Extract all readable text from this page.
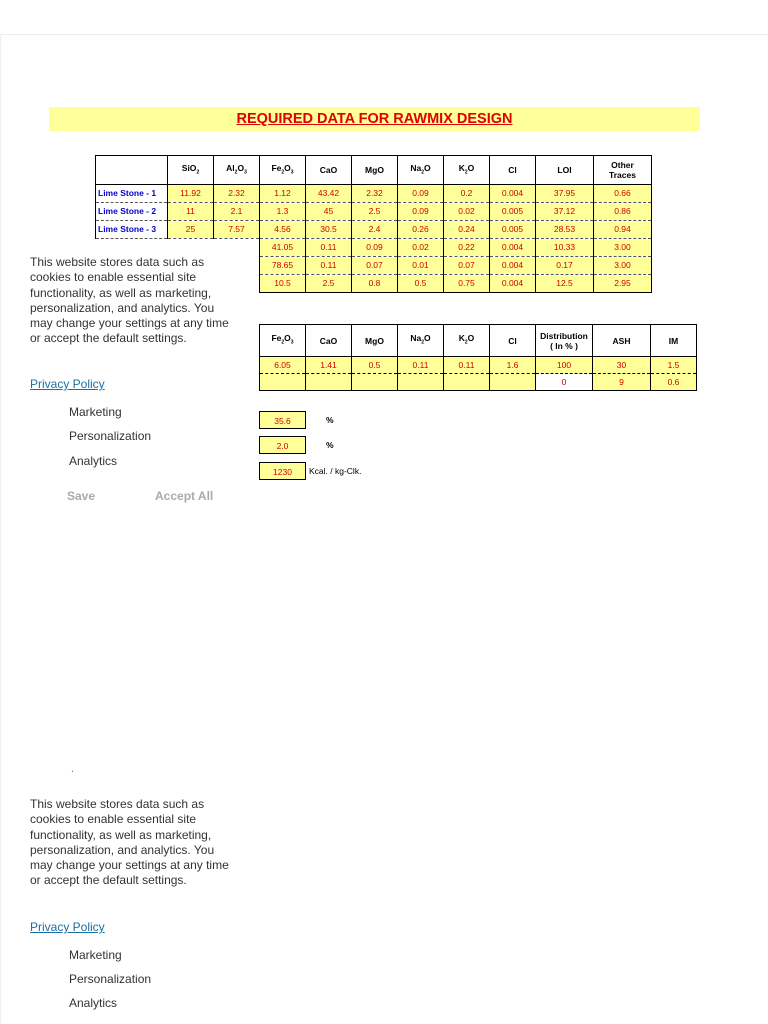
REQUIRED DATA FOR RAWMIX DESIGN
	SiO$_2$	$Al_2O_3$	$Fe_2O_3$	CaO	MgO	$Na_2O$	$K_2O$	Cl	LOI	Other
Traces
Lime Stone - 1	11.92	2.32	1.12	43.42	2.32	0.09	0.2	0.004	37.95	0.66
Lime Stone - 2	11	2.1	1.3	45	2.5	0.09	0.02	0.005	37.12	0.86
Lime Stone - 3	25	7.57	4.56	30.5	2.4	0.26	0.24	0.005	28.53	0.94
			41.05	0.11	0.09	0.02	0.22	0.004	10.33	3.00
			78.65	0.11	0.07	0.01	0.07	0.004	0.17	3.00
			10.5	2.5	0.8	0.5	0.75	0.004	12.5	2.95
This website stores data such as cookies to enable essential site functionality, as well as marketing, personalization, and analytics. You may change your settings at any time or accept the default settings.
Privacy Policy
Marketing
Personalization
Analytics
Save	Accept All
$Fe_2O_3$	CaO	MgO	$Na_2O$	$K_2O$	Cl	Distribution
( In % )	ASH	IM
6.05	1.41	0.5	0.11	0.11	1.6	100	30	1.5
						0	9	0.6
35.6	%
2.0	%
1230	Kcal. / kg-Clk.
.
This website stores data such as cookies to enable essential site functionality, as well as marketing, personalization, and analytics. You may change your settings at any time or accept the default settings.
Privacy Policy
Marketing
Personalization
Analytics
